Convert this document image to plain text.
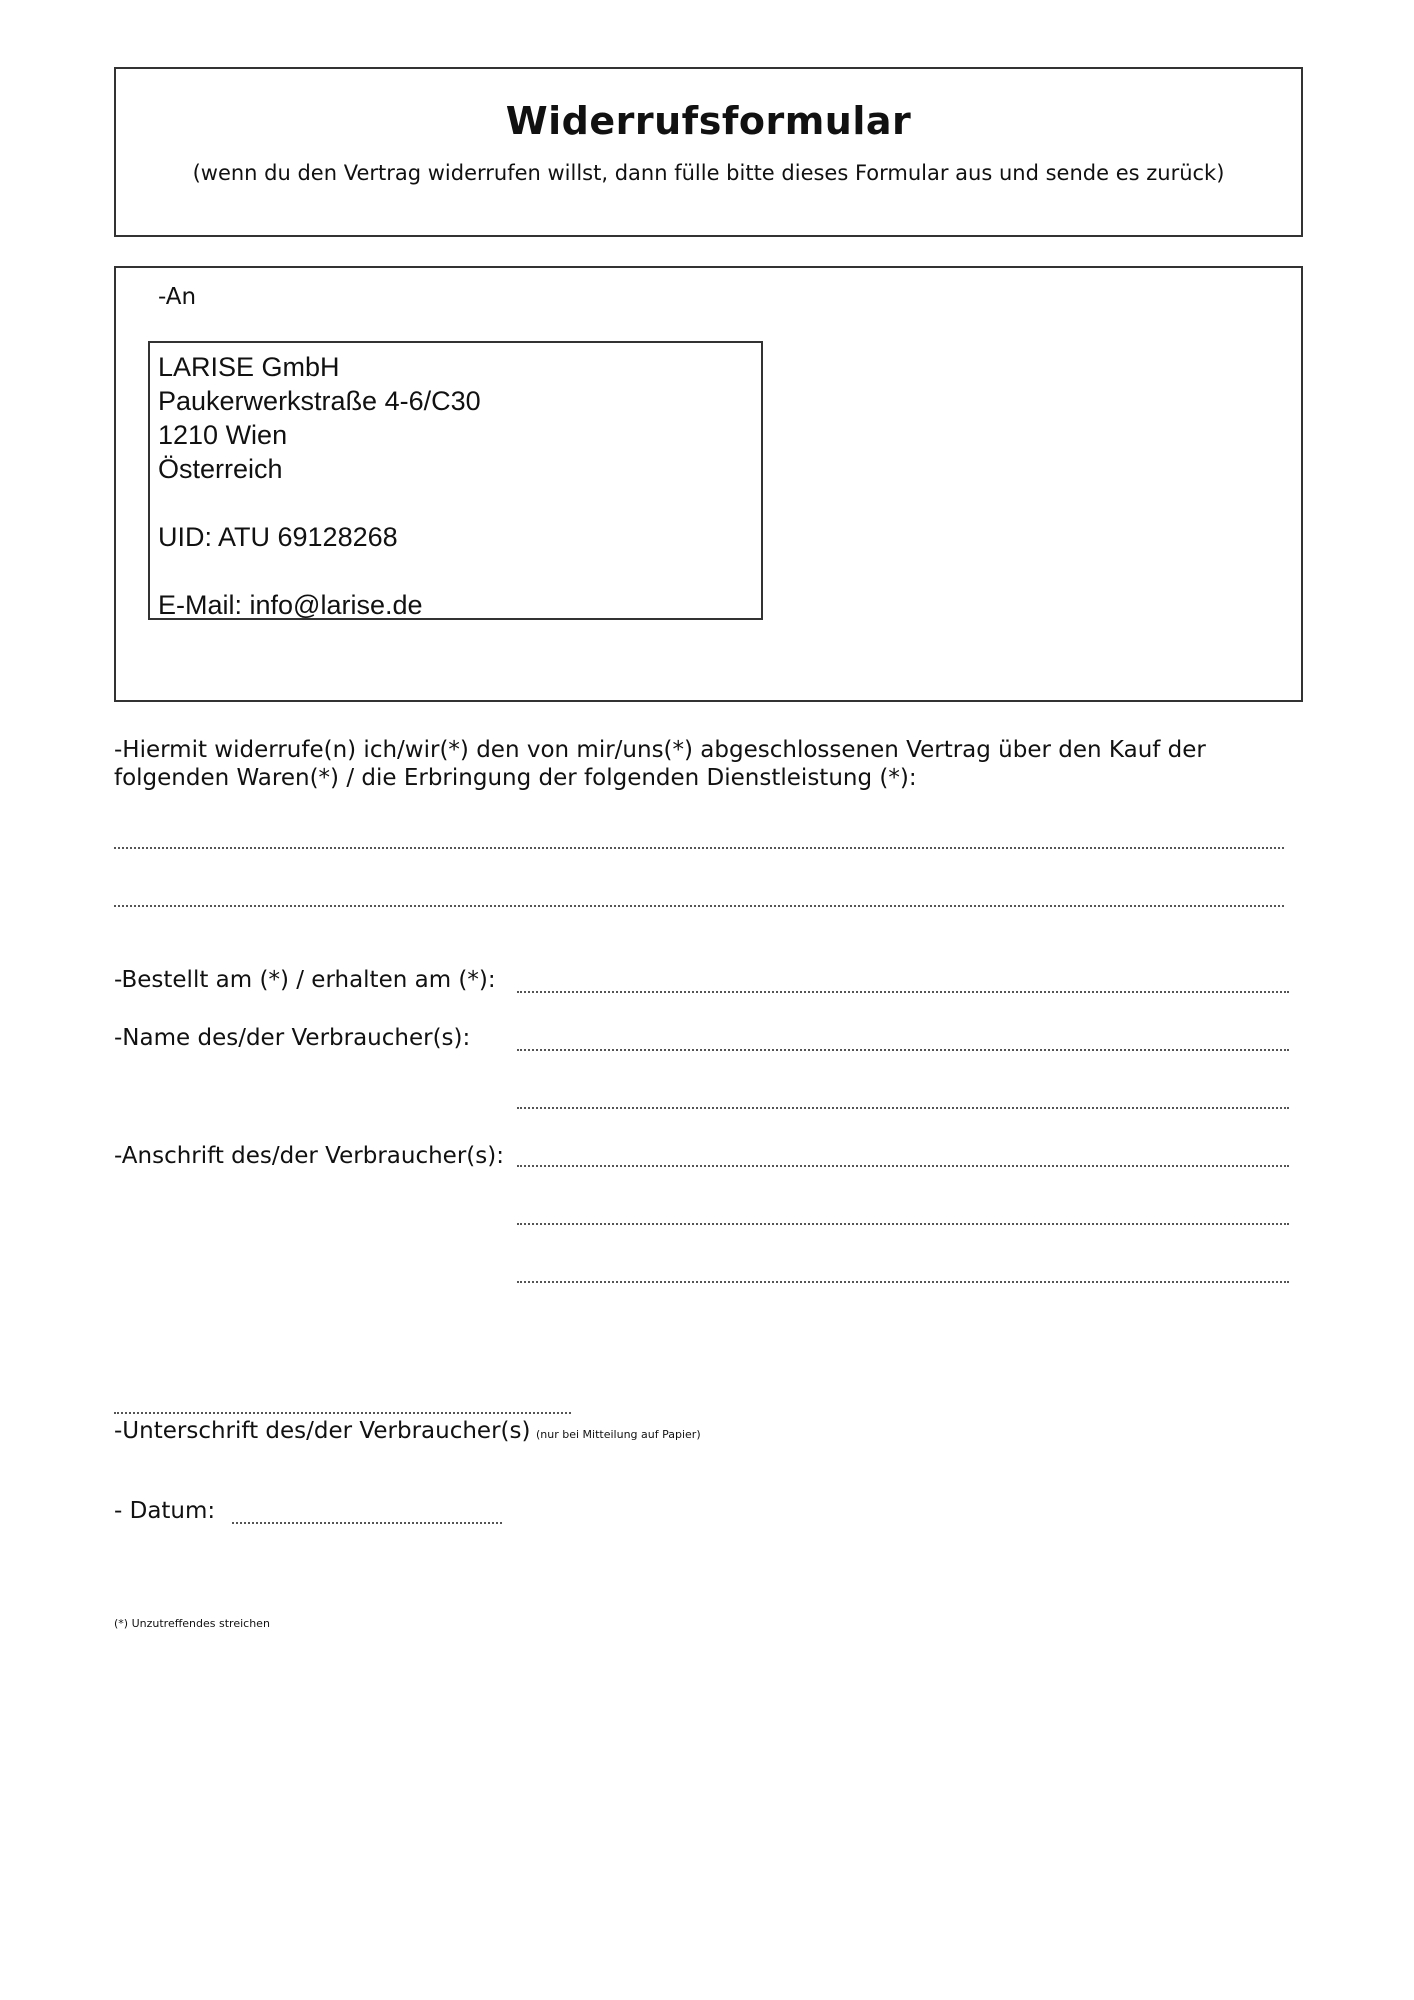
Widerrufsformular
(wenn du den Vertrag widerrufen willst, dann fülle bitte dieses Formular aus und sende es zurück)
-An
LARISE GmbH
Paukerwerkstraße 4-6/C30
1210 Wien
Österreich
UID: ATU 69128268
E-Mail: info@larise.de
-Hiermit widerrufe(n) ich/wir(*) den von mir/uns(*) abgeschlossenen Vertrag über den Kauf der
folgenden Waren(*) / die Erbringung der folgenden Dienstleistung (*):
-Bestellt am (*) / erhalten am (*):
-Name des/der Verbraucher(s):
-Anschrift des/der Verbraucher(s):
-Unterschrift des/der Verbraucher(s) (nur bei Mitteilung auf Papier)
- Datum:
(*) Unzutreffendes streichen
